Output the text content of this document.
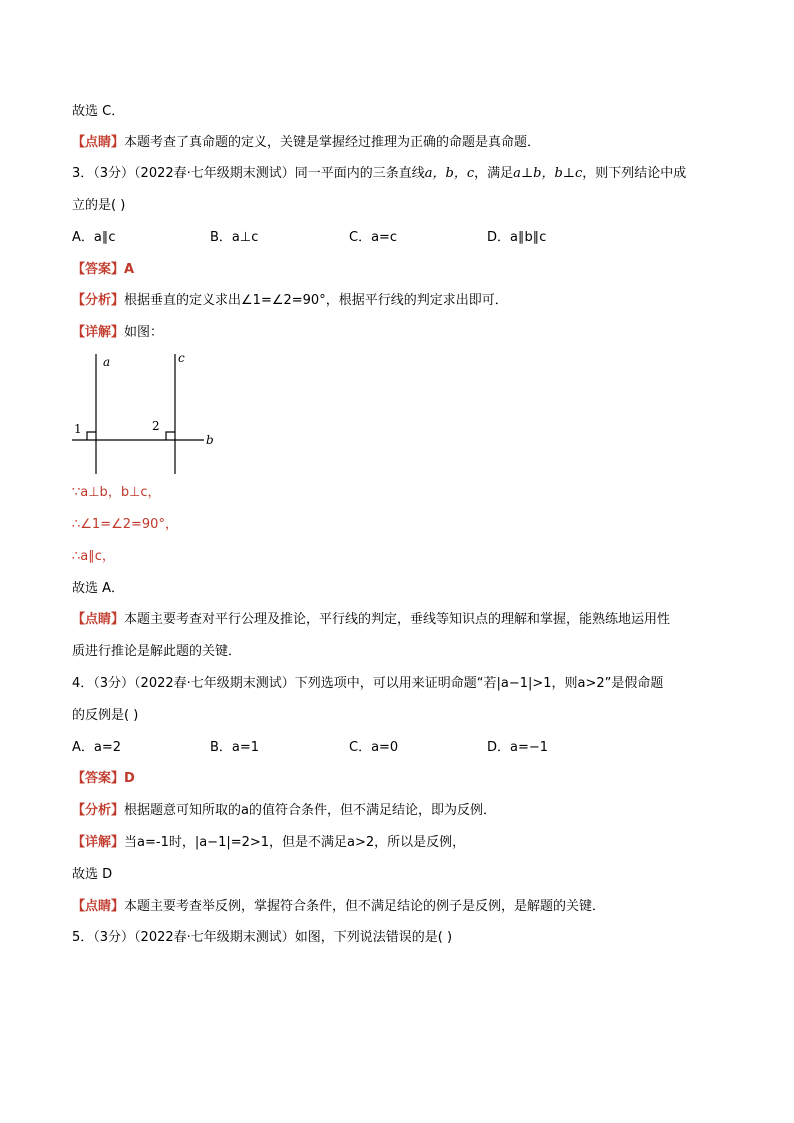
故选 C．
【点睛】本题考查了真命题的定义，关键是掌握经过推理为正确的命题是真命题．
3．（3分）（2022春·七年级期末测试）同一平面内的三条直线a，b，c，满足a⊥b，b⊥c，则下列结论中成
立的是( )
A．a∥c	B．a⊥c	C．a=c	D．a∥b∥c
【答案】A
【分析】根据垂直的定义求出∠1=∠2=90°，根据平行线的判定求出即可．
【详解】如图：
a	c
b
1	2
∵a⊥b，b⊥c，
∴∠1=∠2=90°，
∴a∥c，
故选 A．
【点睛】本题主要考查对平行公理及推论，平行线的判定，垂线等知识点的理解和掌握，能熟练地运用性
质进行推论是解此题的关键．
4．（3分）（2022春·七年级期末测试）下列选项中，可以用来证明命题“若|a−1|>1，则a>2”是假命题
的反例是( )
A．a=2	B．a=1	C．a=0	D．a=−1
【答案】D
【分析】根据题意可知所取的a的值符合条件，但不满足结论，即为反例．
【详解】当a=-1时，|a−1|=2>1，但是不满足a>2，所以是反例，
故选 D
【点睛】本题主要考查举反例，掌握符合条件，但不满足结论的例子是反例，是解题的关键．
5．（3分）（2022春·七年级期末测试）如图，下列说法错误的是( )
